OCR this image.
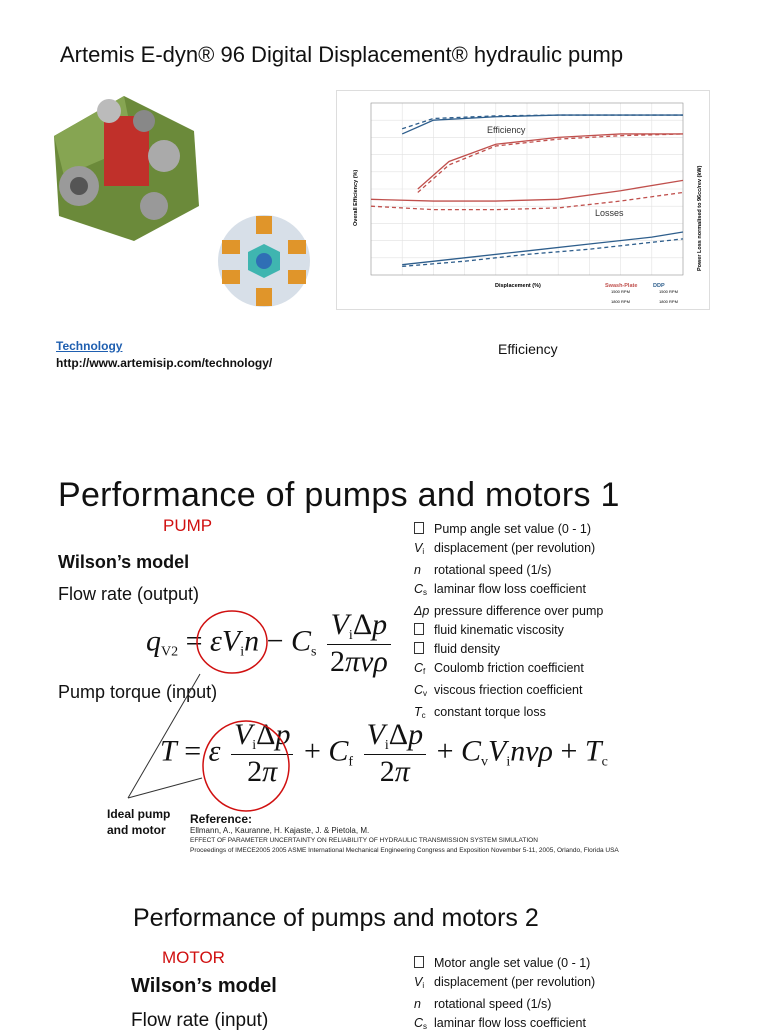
Artemis E-dyn® 96 Digital Displacement® hydraulic pump
Overall Efficiency (%)	Power Loss normalised to 96cc/rev (kW)
Displacement (%)
Efficiency
Losses
Swash-Plate	DDP
1500 RPM	1500 RPM
1800 RPM	1800 RPM
Technology
http://www.artemisip.com/technology/
Efficiency
Performance of pumps and motors 1
PUMP
Wilson’s model
Flow rate (output)
$q_{V2} = \varepsilon V_in - C_s \frac{V_i\Delta p}{\text{2πνρ}}$
Pump torque (input)
Pump angle set value (0 - 1)
$V_i$ displacement (per revolution)
n rotational speed (1/s)
$C_s$ laminar flow loss coefficient
Δp pressure difference over pump
fluid kinematic viscosity
fluid density
$C_f$ Coulomb friction coefficient
$C_v$ viscous friection coefficient
$T_c$ constant torque loss
T = ε $\frac{V_i\Delta p}{2\pi} + C_f \frac{V_i\Delta p}{2\pi} + C_vV_in\nu\rho + T_c$
Ideal pump
and motor
Reference:
Ellmann, A., Kauranne, H. Kajaste, J. & Pietola, M.
EFFECT OF PARAMETER UNCERTAINTY ON RELIABILITY OF HYDRAULIC TRANSMISSION SYSTEM SIMULATION
Proceedings of IMECE2005 2005 ASME International Mechanical Engineering Congress and Exposition November 5-11, 2005, Orlando, Florida USA
Performance of pumps and motors 2
MOTOR
Wilson’s model
Flow rate (input)
Motor angle set value (0 - 1)
$V_i$ displacement (per revolution)
n rotational speed (1/s)
$C_s$ laminar flow loss coefficient
